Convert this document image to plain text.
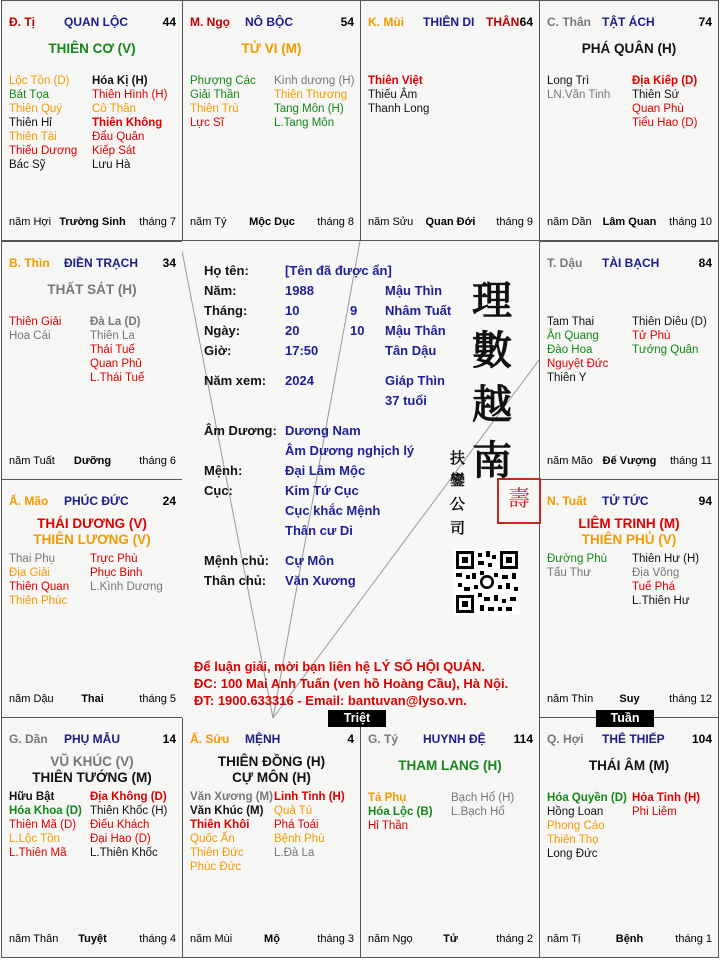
Đ. Tị QUAN LỘC	44
THIÊN CƠ (V)
Lộc Tồn (D)
Bát Tọa
Thiên Quý
Thiên Hỉ
Thiên Tài
Thiếu Dương
Bác Sỹ
Hóa Kị (H)
Thiên Hình (H)
Cô Thần
Thiên Không
Đẩu Quân
Kiếp Sát
Lưu Hà
năm Hợi Trường Sinh	tháng 7
M. Ngọ NÔ BỘC	54
TỬ VI (M)
Phượng Các
Giải Thần
Thiên Trù
Lực Sĩ
Kình dương (H)
Thiên Thương
Tang Môn (H)
L.Tang Môn
năm Tý	Mộc Dục	tháng 8
K. Mùi THIÊN DI THÂN 64
Thiên Việt
Thiếu Âm
Thanh Long
năm Sửu	Quan Đới	tháng 9
C. Thân TẬT ÁCH	74
PHÁ QUÂN (H)
Long Trì
LN.Văn Tinh
Địa Kiếp (D)
Thiên Sứ
Quan Phù
Tiểu Hao (D)
năm Dần Lâm Quan	tháng 10
B. Thìn ĐIỀN TRẠCH 34
THẤT SÁT (H)
Thiên Giải
Hoa Cái
Đà La (D)
Thiên La
Thái Tuế
Quan Phủ
L.Thái Tuế
năm Tuất	Dưỡng	tháng 6
T. Dậu TÀI BẠCH	84
Tam Thai
Ân Quang
Đào Hoa
Nguyệt Đức
Thiên Y
Thiên Diêu (D)
Tử Phù
Tướng Quân
năm Mão Đế Vượng	tháng 11
Ấ. Mão PHÚC ĐỨC	24
THÁI DƯƠNG (V)
THIÊN LƯƠNG (V)
Thai Phụ
Địa Giải
Thiên Quan
Thiên Phúc
Trực Phù
Phục Binh
L.Kình Dương
năm Dậu	Thai	tháng 5
N. Tuất TỬ TỨC	94
LIÊM TRINH (M)
THIÊN PHỦ (V)
Đường Phù
Tấu Thư
Thiên Hư (H)
Địa Võng
Tuế Phá
L.Thiên Hư
năm Thìn	Suy	tháng 12
G. Dần PHỤ MẪU	14
VŨ KHÚC (V)
THIÊN TƯỚNG (M)
Hữu Bật
Hóa Khoa (D)
Thiên Mã (D)
L.Lộc Tồn
L.Thiên Mã
Địa Không (D)
Thiên Khốc (H)
Điếu Khách
Đại Hao (D)
L.Thiên Khốc
năm Thân	Tuyệt	tháng 4
Ấ. Sửu MỆNH	4
THIÊN ĐỒNG (H)
CỰ MÔN (H)
Văn Xương (M)
Văn Khúc (M)
Thiên Khôi
Quốc Ấn
Thiên Đức
Phúc Đức
Linh Tinh (H)
Quả Tú
Phá Toái
Bệnh Phù
L.Đà La
năm Mùi	Mộ	tháng 3
G. Tý HUYNH ĐỆ 114
THAM LANG (H)
Tả Phụ
Hóa Lộc (B)
Hỉ Thần
Bạch Hổ (H)
L.Bạch Hổ
năm Ngọ	Tử	tháng 2
Q. Hợi THÊ THIẾP 104
THÁI ÂM (M)
Hóa Quyền (D)
Hồng Loan
Phong Cáo
Thiên Thọ
Long Đức
Hỏa Tinh (H)
Phi Liêm
năm Tị	Bệnh	tháng 1
Họ tên:	[Tên đã được ẩn]
Năm:	1988	Mậu Thìn
Tháng:	10	9 Nhâm Tuất
Ngày:	20	10 Mậu Thân
Giờ:	17:50	Tân Dậu
Năm xem: 2024	Giáp Thìn
37 tuổi
Âm Dương: Dương Nam
Âm Dương nghịch lý
Mệnh:	Đại Lâm Mộc
Cục:	Kim Tứ Cục
Cục khắc Mệnh
Thân cư Di
Mệnh chủ: Cự Môn
Thân chủ: Văn Xương
理
數
越
南
扶
鑾
公
司
壽
Để luận giải, mời bạn liên hệ LÝ SỐ HỘI QUÁN.
ĐC: 100 Mai Anh Tuấn (ven hồ Hoàng Cầu), Hà Nội.
ĐT: 1900.633316 - Email: bantuvan@lyso.vn.
Triệt	Tuần
